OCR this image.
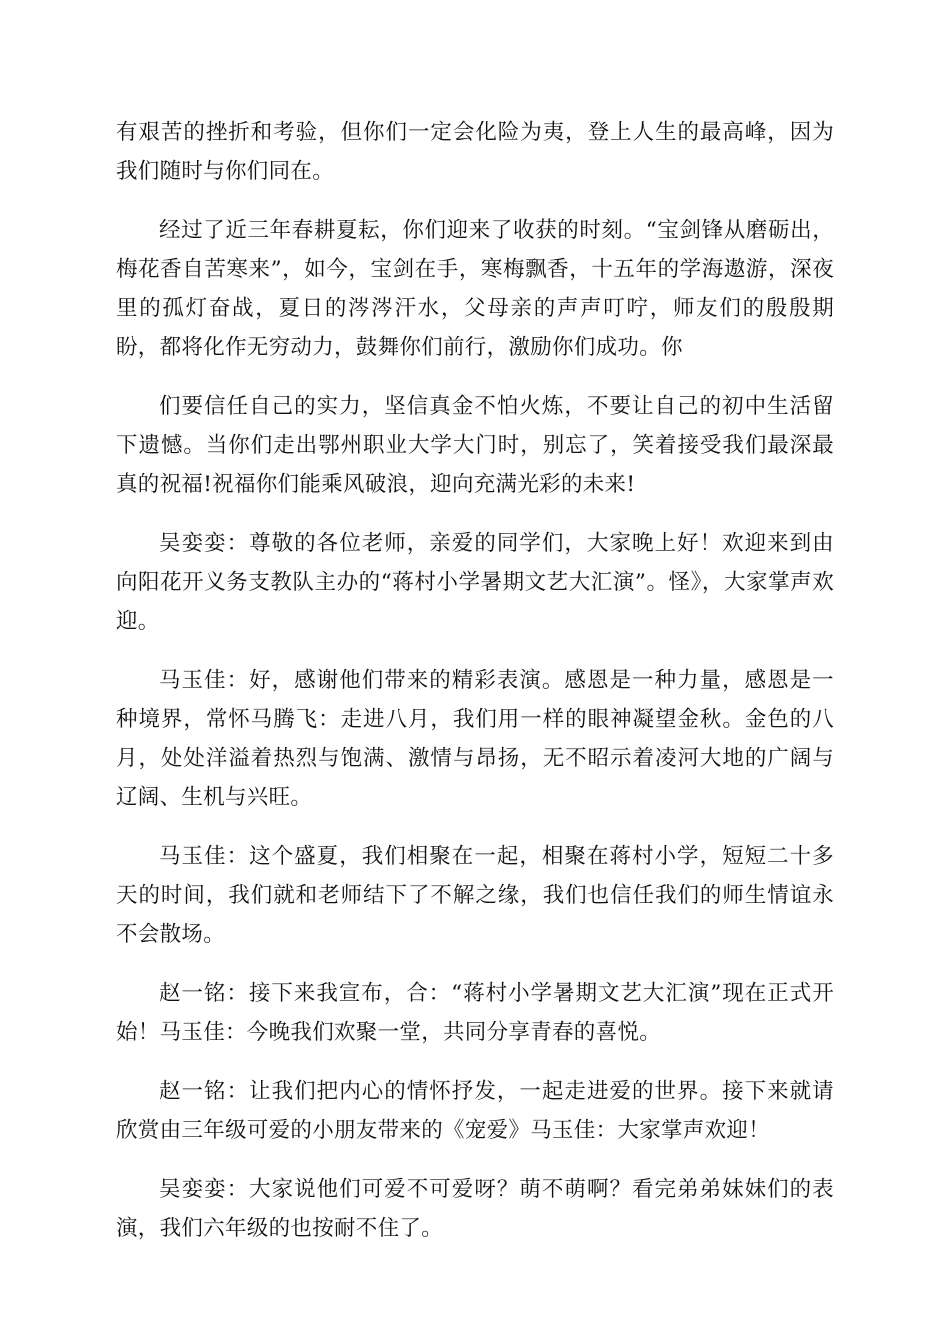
有艰苦的挫折和考验，但你们一定会化险为夷，登上人生的最高峰，因为我们随时与你们同在。

经过了近三年春耕夏耘，你们迎来了收获的时刻。“宝剑锋从磨砺出，梅花香自苦寒来”，如今，宝剑在手，寒梅飘香，十五年的学海遨游，深夜里的孤灯奋战，夏日的涔涔汗水，父母亲的声声叮咛，师友们的殷殷期盼，都将化作无穷动力，鼓舞你们前行，激励你们成功。你

们要信任自己的实力，坚信真金不怕火炼，不要让自己的初中生活留下遗憾。当你们走出鄂州职业大学大门时，别忘了，笑着接受我们最深最真的祝福!祝福你们能乘风破浪，迎向充满光彩的未来!

吴娈娈：尊敬的各位老师，亲爱的同学们，大家晚上好！欢迎来到由向阳花开义务支教队主办的“蒋村小学暑期文艺大汇演”。怪》，大家掌声欢迎。

马玉佳：好，感谢他们带来的精彩表演。感恩是一种力量，感恩是一种境界，常怀马腾飞：走进八月，我们用一样的眼神凝望金秋。金色的八月，处处洋溢着热烈与饱满、激情与昂扬，无不昭示着凌河大地的广阔与辽阔、生机与兴旺。

马玉佳：这个盛夏，我们相聚在一起，相聚在蒋村小学，短短二十多天的时间，我们就和老师结下了不解之缘，我们也信任我们的师生情谊永不会散场。

赵一铭：接下来我宣布，合：“蒋村小学暑期文艺大汇演”现在正式开始！马玉佳：今晚我们欢聚一堂，共同分享青春的喜悦。

赵一铭：让我们把内心的情怀抒发，一起走进爱的世界。接下来就请欣赏由三年级可爱的小朋友带来的《宠爱》马玉佳：大家掌声欢迎！

吴娈娈：大家说他们可爱不可爱呀？萌不萌啊？看完弟弟妹妹们的表演，我们六年级的也按耐不住了。
